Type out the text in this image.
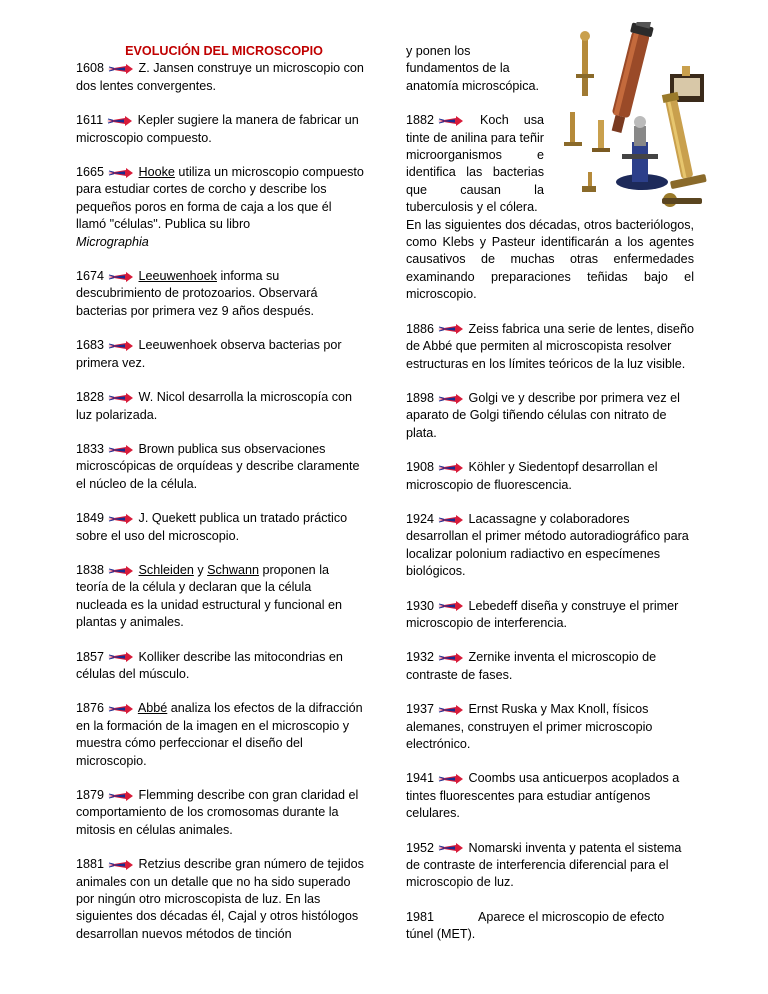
EVOLUCIÓN DEL MICROSCOPIO
1608	Z. Jansen construye un microscopio con dos lentes convergentes.
1611	Kepler sugiere la manera de fabricar un microscopio compuesto.
1665	Hooke utiliza un microscopio compuesto para estudiar cortes de corcho y describe los pequeños poros en forma de caja a los que él llamó "células". Publica su libro
Micrographia
1674	Leeuwenhoek informa su descubrimiento de protozoarios. Observará bacterias por primera vez 9 años después.
1683	Leeuwenhoek observa bacterias por primera vez.
1828	W. Nicol desarrolla la microscopía con luz polarizada.
1833	Brown publica sus observaciones microscópicas de orquídeas y describe claramente el núcleo de la célula.
1849	J. Quekett publica un tratado práctico sobre el uso del microscopio.
1838	Schleiden y Schwann proponen la teoría de la célula y declaran que la célula nucleada es la unidad estructural y funcional en plantas y animales.
1857	Kolliker describe las mitocondrias en células del músculo.
1876	Abbé analiza los efectos de la difracción en la formación de la imagen en el microscopio y muestra cómo perfeccionar el diseño del microscopio.
1879	Flemming describe con gran claridad el comportamiento de los cromosomas durante la mitosis en células animales.
1881	Retzius describe gran número de tejidos animales con un detalle que no ha sido superado por ningún otro microscopista de luz. En las siguientes dos décadas él, Cajal y otros histólogos desarrollan nuevos métodos de tinción
y ponen los fundamentos de la anatomía microscópica.
1882	Koch usa tinte de anilina para teñir microorganismos e identifica las bacterias que causan la tuberculosis y el cólera.
En las siguientes dos décadas, otros bacteriólogos, como Klebs y Pasteur identificarán a los agentes causativos de muchas otras enfermedades examinando preparaciones teñidas bajo el microscopio.
1886	Zeiss fabrica una serie de lentes, diseño de Abbé que permiten al microscopista resolver estructuras en los límites teóricos de la luz visible.
1898	Golgi ve y describe por primera vez el aparato de Golgi tiñendo células con nitrato de plata.
1908	Köhler y Siedentopf desarrollan el microscopio de fluorescencia.
1924	Lacassagne y colaboradores desarrollan el primer método autoradiográfico para localizar polonium radiactivo en especímenes biológicos.
1930	Lebedeff diseña y construye el primer microscopio de interferencia.
1932	Zernike inventa el microscopio de contraste de fases.
1937	Ernst Ruska y Max Knoll, físicos alemanes, construyen el primer microscopio electrónico.
1941	Coombs usa anticuerpos acoplados a tintes fluorescentes para estudiar antígenos celulares.
1952	Nomarski inventa y patenta el sistema de contraste de interferencia diferencial para el microscopio de luz.
1981	Aparece el microscopio de efecto túnel (MET).
